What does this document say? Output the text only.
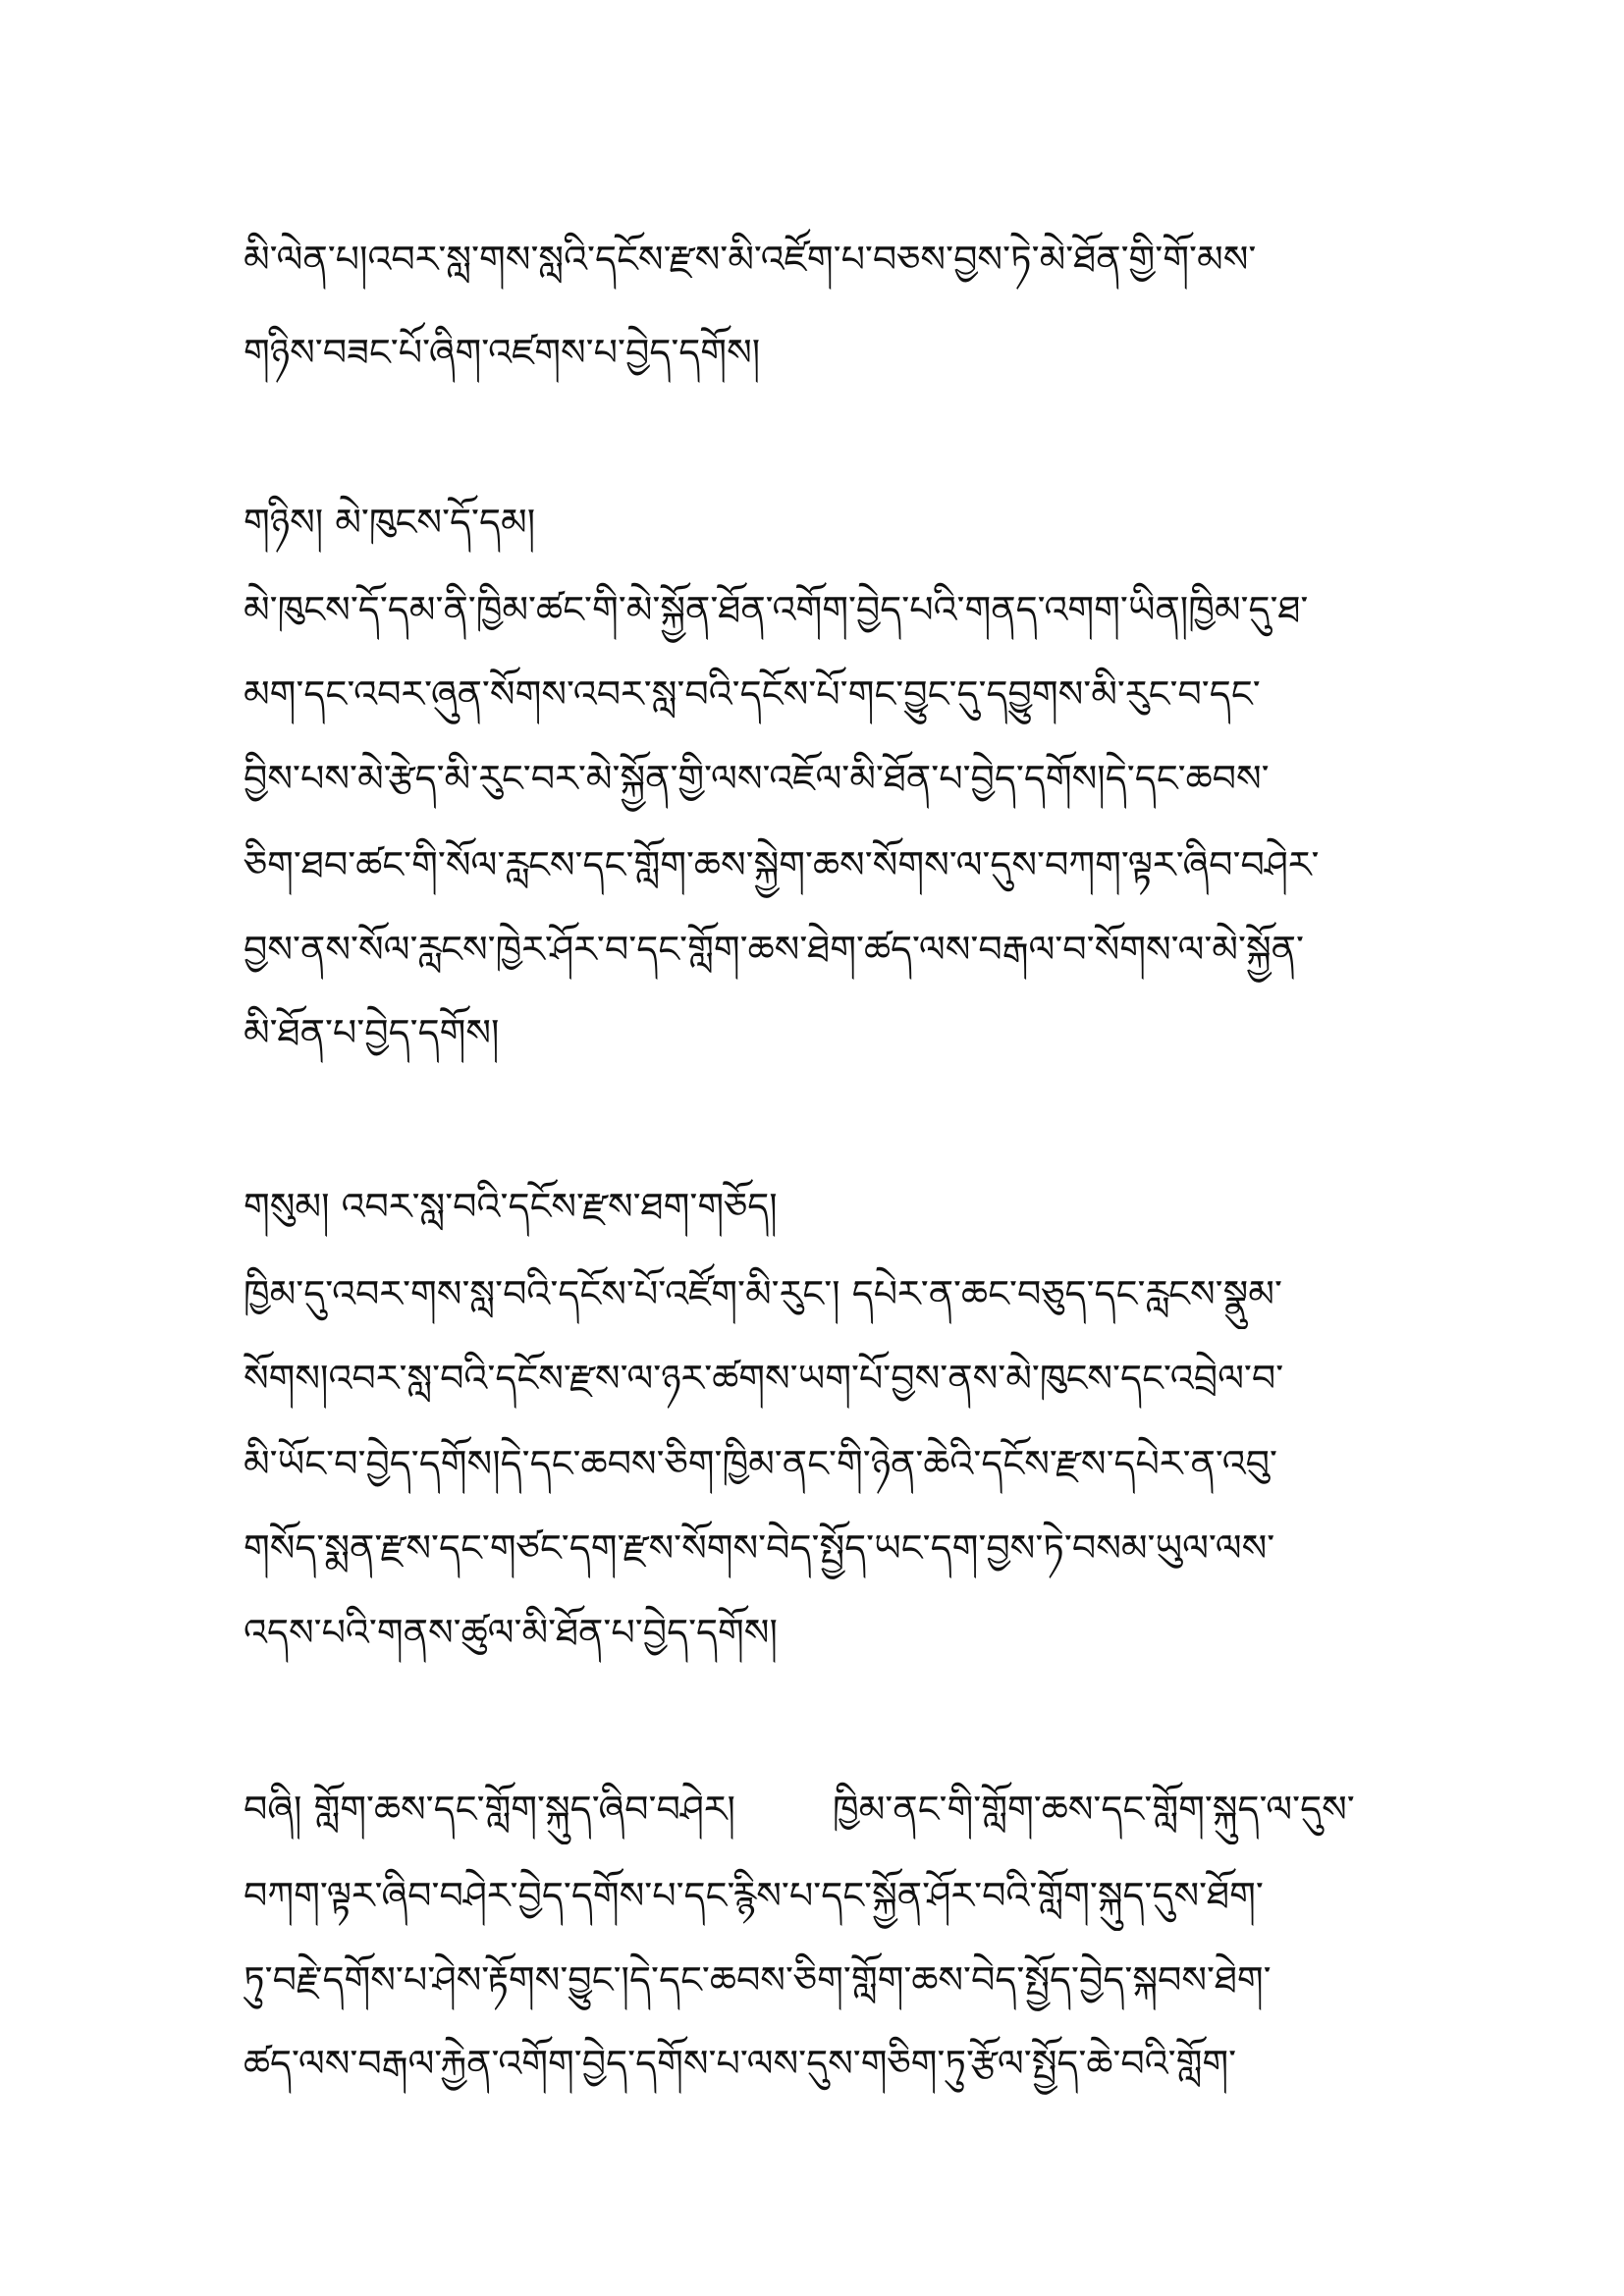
མི་ལེན་པ།འབར་སླ་གས་སླའི་དངོས་རྫས་མི་འཛོག་པ་བཅས་བྱས་ཏེ་མེ་ཐོན་གྱི་གོ་མས་
གཉིས་བཟང་པོ་ཞིག་འཛགས་པ་བྱེད་དགོས།
གཉིས། མེ་ཁུངས་དོ་དམ།
མེ་ཁུངས་དོ་དམ་ནི་ཁྱིམ་ཚང་གི་མེ་སྐྱོན་ཐོན་འགོག་བྱེད་པའི་གནད་འགག་ཡིན།ཁྱིམ་དུ་ཐ་
མག་དང་འབར་ཞུན་སོགས་འབར་སླ་བའི་དངོས་པོ་གང་བྱུང་དུ་དབྱུགས་མི་རུང་བ་དང་
བྱིས་པས་མེ་རྩེད་མི་རུང་བར་མེ་སྐྱོན་གྱི་ལས་འཇོལ་མི་ཐོན་པ་བྱེད་དགོས།དེ་དང་ཆབས་
ཅིག་ཐབ་ཚང་གི་སོལ་རླངས་དང་གློག་ཆས་སྐྱེག་ཆས་སོགས་ལ་དུས་བཀག་ལྟར་ཞིབ་བཤེར་
བྱས་ནས་སོལ་རླངས་ཁྱེར་ཤོར་བ་དང་གློག་ཆས་ཐེག་ཚད་ལས་བརྒལ་བ་སོགས་ལ་མེ་སྐྱོན་
མི་ཐོན་པ་བྱེད་དགོས།
གསུམ། འབར་སླ་བའི་དངོས་རྫས་ཐག་གཅོད།
ཁྱིམ་དུ་འབར་གས་སླ་བའི་དངོས་པོ་འཛོག་མི་རུང་། དཔེར་ན་ཆང་བཅུད་དང་རླངས་སྣུམ་
སོགས།འབར་སླ་བའི་དངོས་རྫས་ལ་ཉར་ཚགས་ཡག་པོ་བྱས་ནས་མེ་ཁུངས་དང་འབྲེལ་བ་
མི་ཡོང་བ་བྱེད་དགོས།དེ་དང་ཆབས་ཅིག་ཁྱིམ་ནང་གི་ཉེན་ཆེའི་དངོས་རྫས་དཔེར་ན་འབུ་
གསོད་སྨན་རྫས་དང་གཙང་དག་རྫས་སོགས་བེད་སྤྱོད་ཡང་དག་བྱས་ཏེ་བསམ་ཡུལ་ལས་
འདས་པའི་གནས་ཚུལ་མི་ཐོན་པ་བྱེད་དགོས།
བཞི། གློག་ཆས་དང་གློག་སྐུད་ཞིབ་བཤེར།	ཁྱིམ་ནང་གི་གློག་ཆས་དང་གློག་སྐུད་ལ་དུས་
བཀག་ལྟར་ཞིབ་བཤེར་བྱེད་དགོས་པ་དང་རྙིས་པ་དང་སྐྱོན་ཤོར་བའི་གློག་སྐུད་དུས་ཐོག་
ཏུ་བརྗེ་དགོས་པ་ཤེས་རྟོགས་བྱུང་།དེ་དང་ཆབས་ཅིག་གློག་ཆས་བེད་སྤྱོད་བྱེད་སྐབས་ཐེག་
ཚད་ལས་བརྒལ་རྐྱེན་འགོག་བྱེད་དགོས་པ་ལས་དུས་གཅིག་ཏུ་རྩོལ་སྤྱོད་ཆེ་བའི་གློག་
